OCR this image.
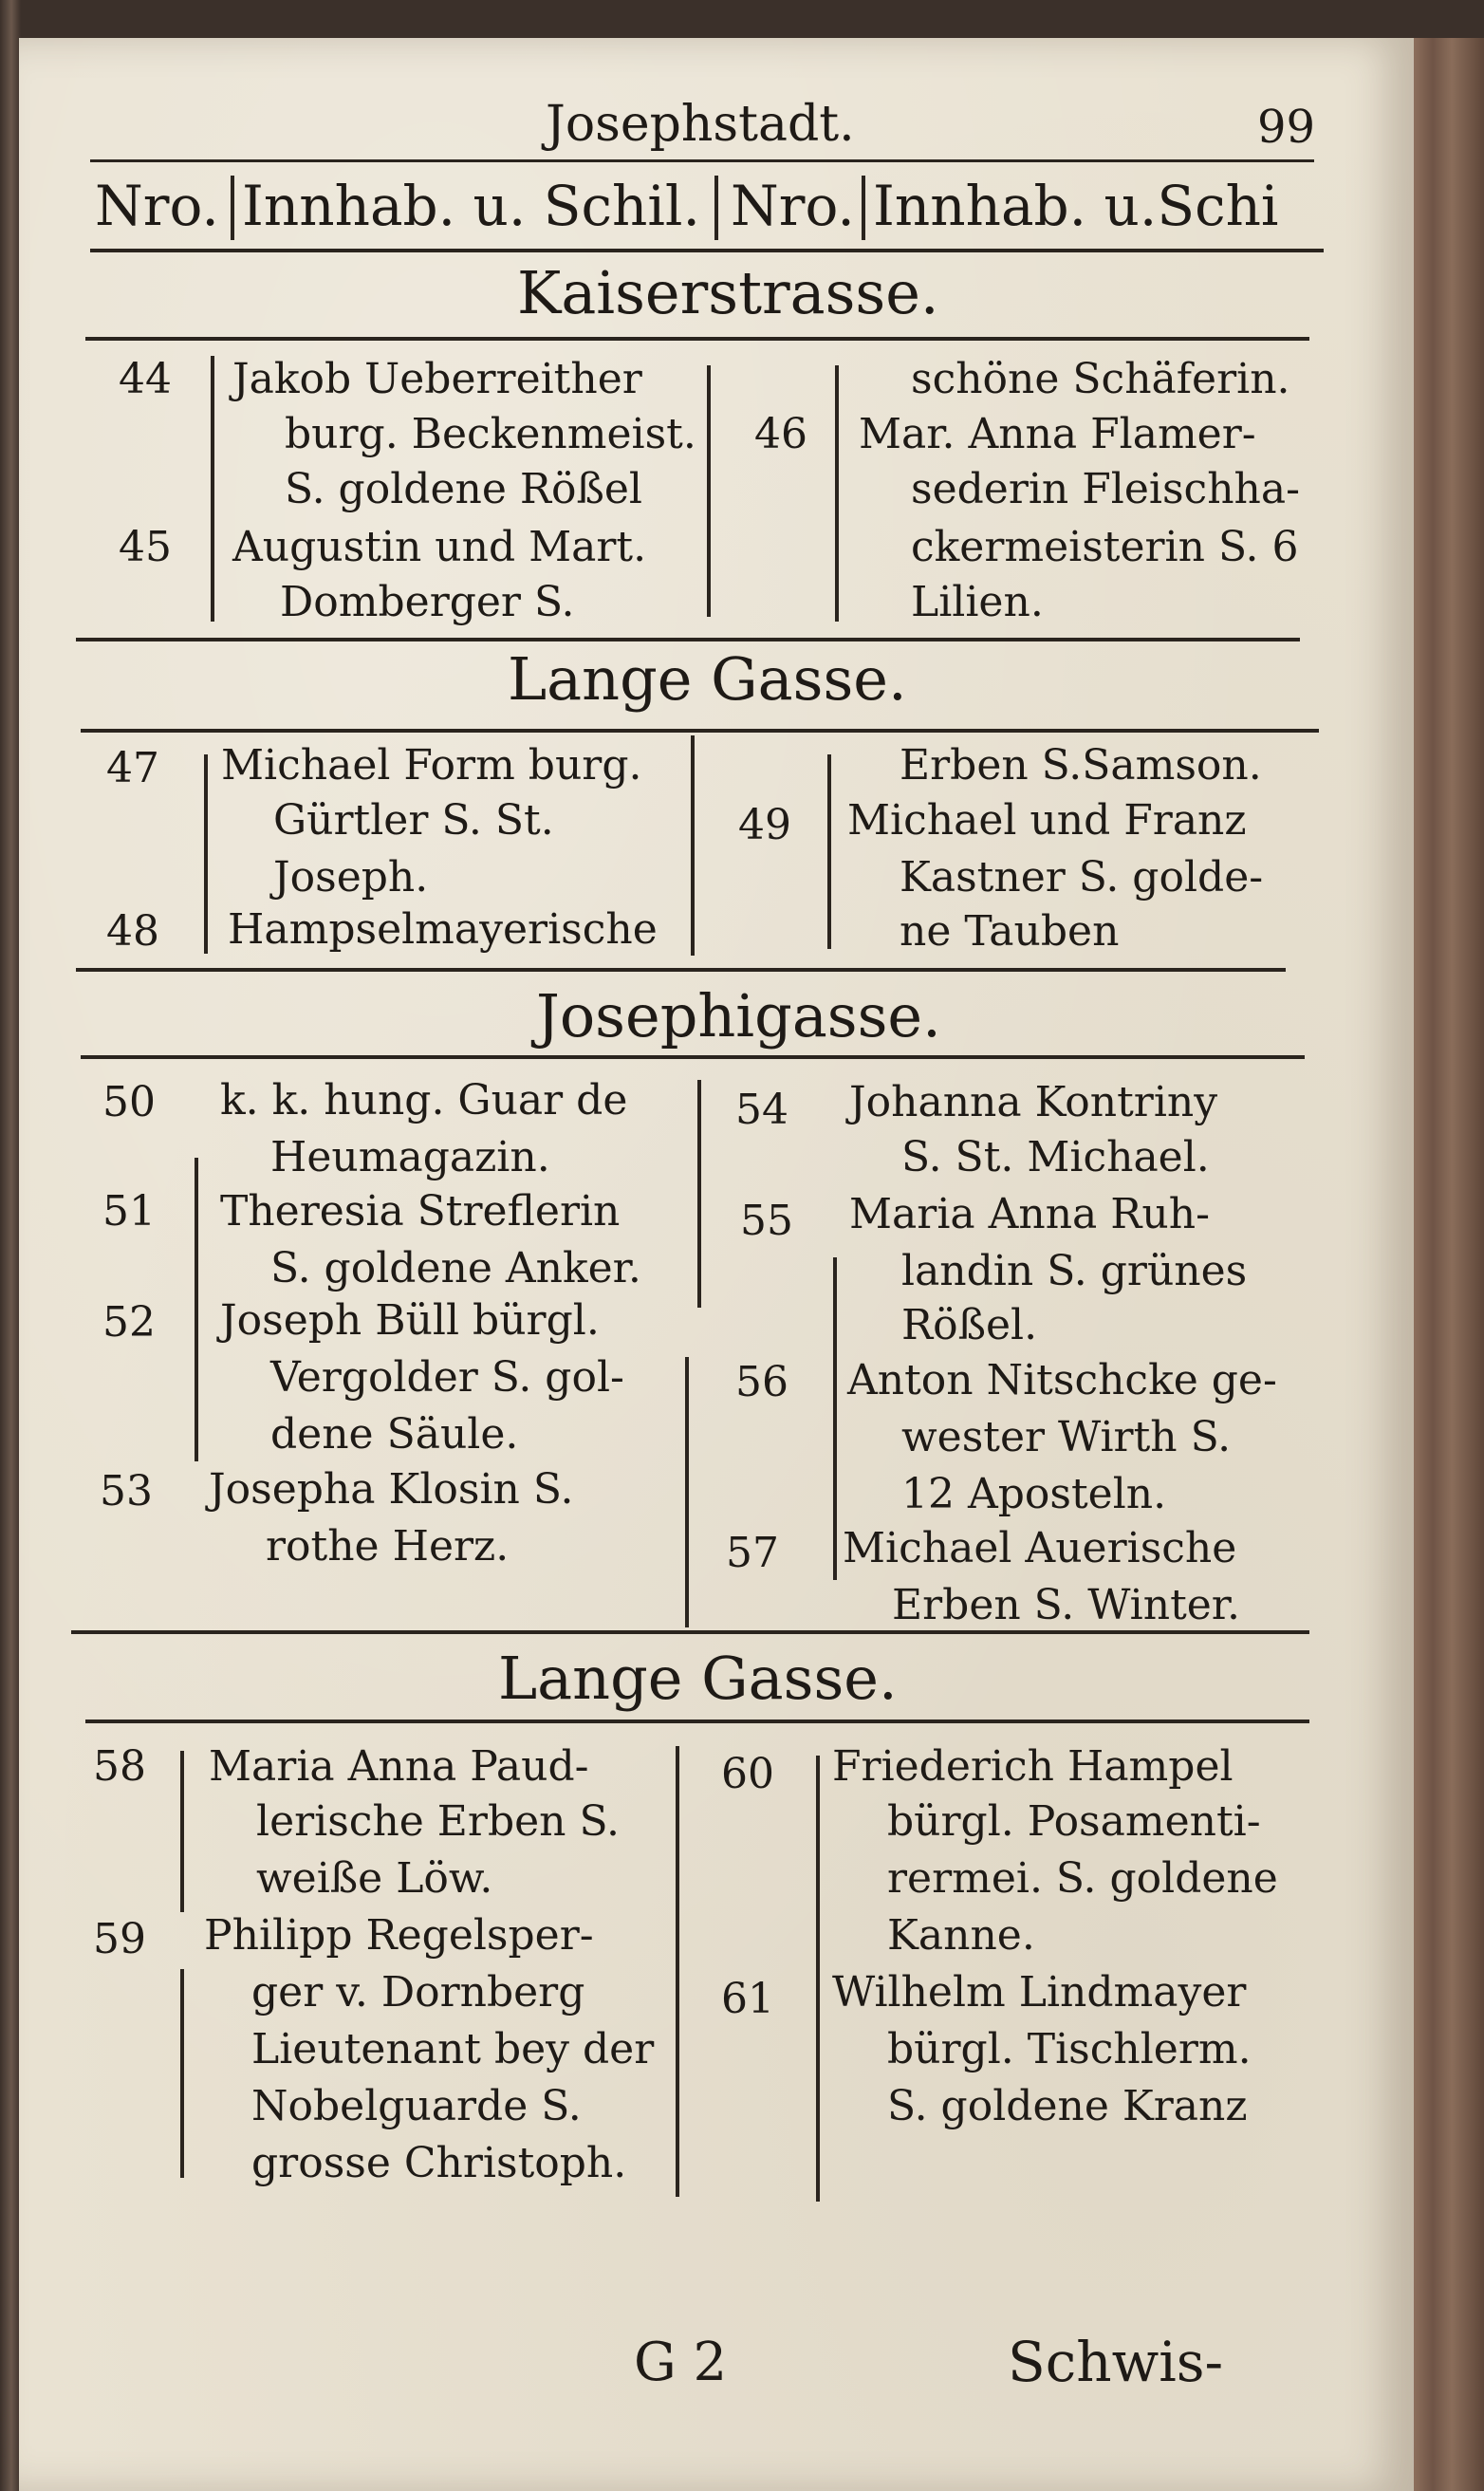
Josephstadt.	99
Nro. Innhab. u. Schil. Nro. Innhab. u.Schi
Kaiserstrasse.
44 Jakob Ueberreither
burg. Beckenmeist.
S. goldene Rößel
45 Augustin und Mart.
Domberger S.
schöne Schäferin.
46 Mar. Anna Flamer-
sederin Fleischha-
ckermeisterin S. 6
Lilien.
Lange Gasse.
47 Michael Form burg.
Gürtler S. St.
Joseph.
48 Hampselmayerische
Erben S.Samson.
49 Michael und Franz
Kastner S. golde-
ne Tauben
Josephigasse.
50 k. k. hung. Guar de
Heumagazin.
51 Theresia Streflerin
S. goldene Anker.
52 Joseph Büll bürgl.
Vergolder S. gol-
dene Säule.
53 Josepha Klosin S.
rothe Herz.
54 Johanna Kontriny
S. St. Michael.
55 Maria Anna Ruh-
landin S. grünes
Rößel.
56 Anton Nitschcke ge-
wester Wirth S.
12 Aposteln.
57 Michael Auerische
Erben S. Winter.
Lange Gasse.
58 Maria Anna Paud-
lerische Erben S.
weiße Löw.
59 Philipp Regelsper-
ger v. Dornberg
Lieutenant bey der
Nobelguarde S.
grosse Christoph.
60 Friederich Hampel
bürgl. Posamenti-
rermei. S. goldene
Kanne.
61 Wilhelm Lindmayer
bürgl. Tischlerm.
S. goldene Kranz
G 2	Schwis-
